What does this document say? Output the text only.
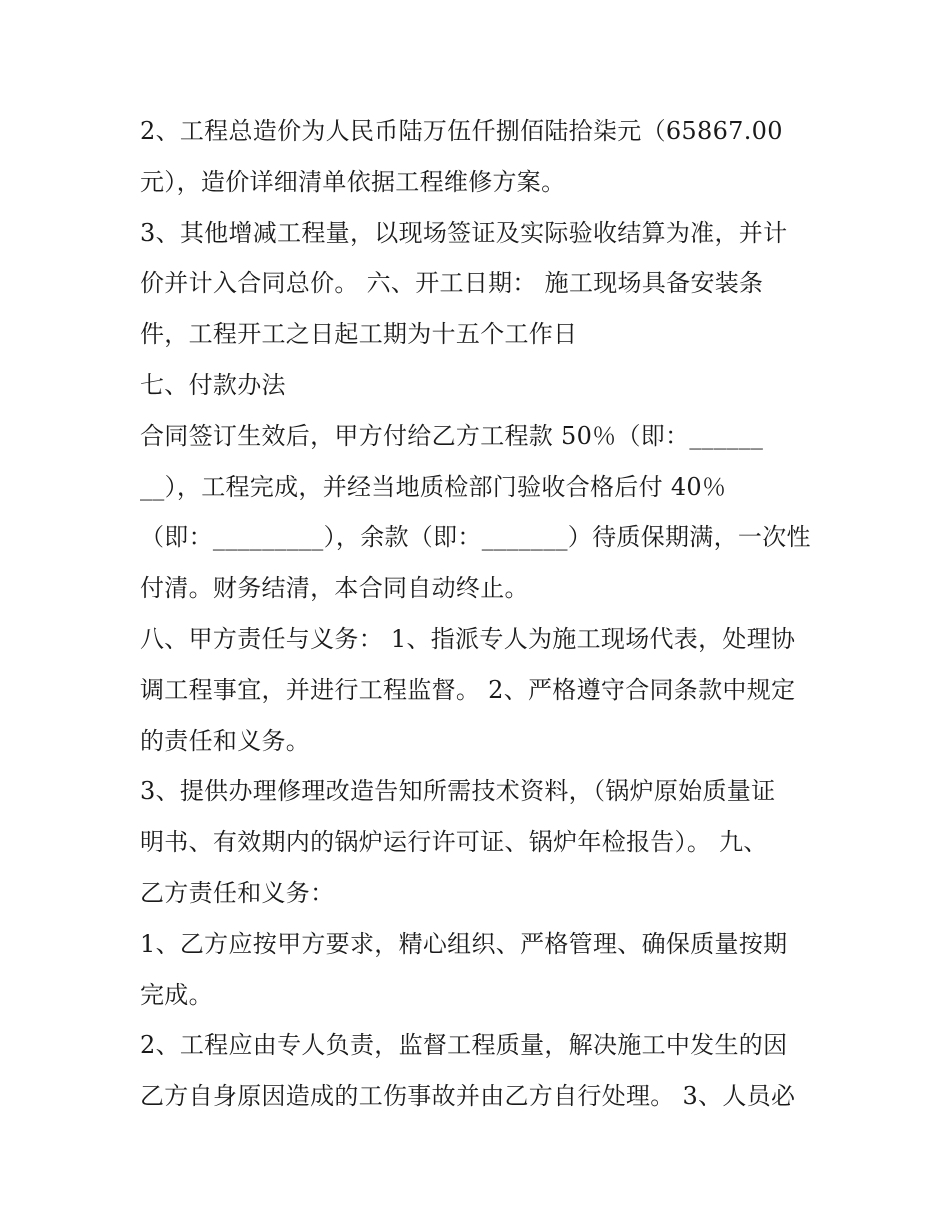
2、工程总造价为人民币陆万伍仟捌佰陆拾柒元（65867.00
元），造价详细清单依据工程维修方案。
3、其他增减工程量，以现场签证及实际验收结算为准，并计
价并计入合同总价。 六、开工日期： 施工现场具备安装条
件，工程开工之日起工期为十五个工作日
七、付款办法
合同签订生效后，甲方付给乙方工程款 50％（即：______
__），工程完成，并经当地质检部门验收合格后付 40％
（即：_________），余款（即：_______）待质保期满，一次性
付清。财务结清，本合同自动终止。
八、甲方责任与义务： 1、指派专人为施工现场代表，处理协
调工程事宜，并进行工程监督。 2、严格遵守合同条款中规定
的责任和义务。
3、提供办理修理改造告知所需技术资料，（锅炉原始质量证
明书、有效期内的锅炉运行许可证、锅炉年检报告）。 九、
乙方责任和义务：
1、乙方应按甲方要求，精心组织、严格管理、确保质量按期
完成。
2、工程应由专人负责，监督工程质量，解决施工中发生的因
乙方自身原因造成的工伤事故并由乙方自行处理。 3、人员必
